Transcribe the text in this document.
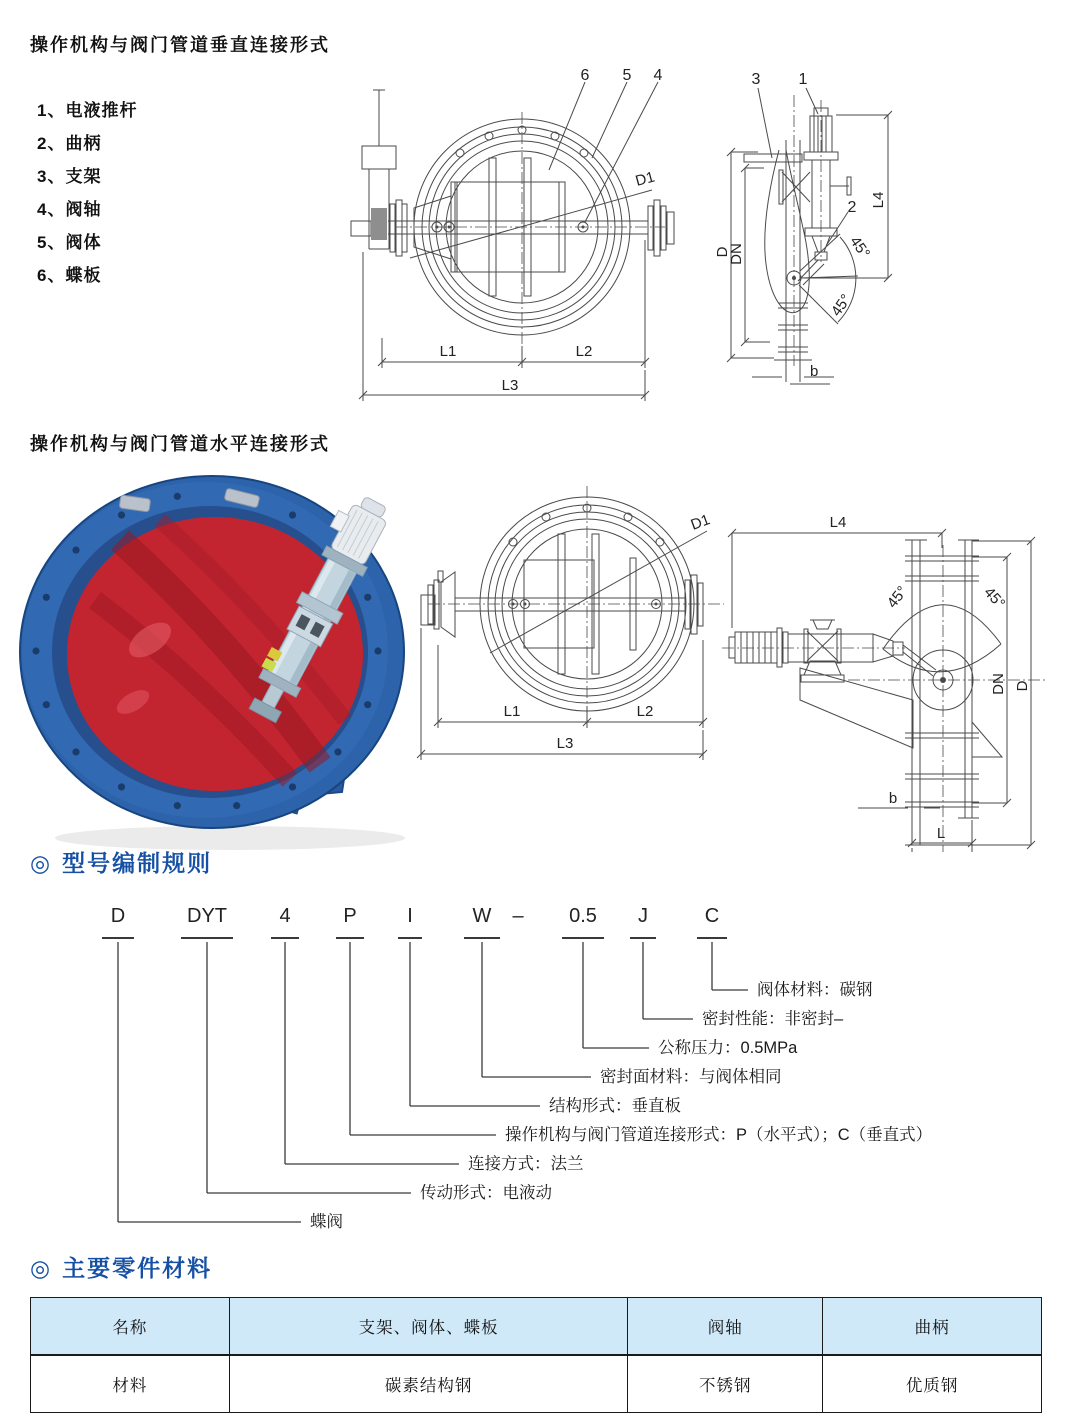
操作机构与阀门管道垂直连接形式
1、电液推杆
2、曲柄
3、支架
4、阀轴
5、阀体
6、蝶板
6 5 4
D1
L1	L2
L3
3 1
2
D
DN
L4
45°
45°
b
操作机构与阀门管道水平连接形式
D1
L1	L2
L3
L4
45°	45°
DN D
b
L
◎ 型号编制规则
D
蝶阀
DYT
传动形式：电液动
4
连接方式：法兰
P
操作机构与阀门管道连接形式：P（水平式）；C（垂直式）
I
结构形式：垂直板
W
密封面材料：与阀体相同
0.5
公称压力：0.5MPa
J
密封性能：非密封–
C
阀体材料：碳钢
–
◎ 主要零件材料
名称	支架、阀体、蝶板	阀轴	曲柄
材料	碳素结构钢	不锈钢	优质钢
